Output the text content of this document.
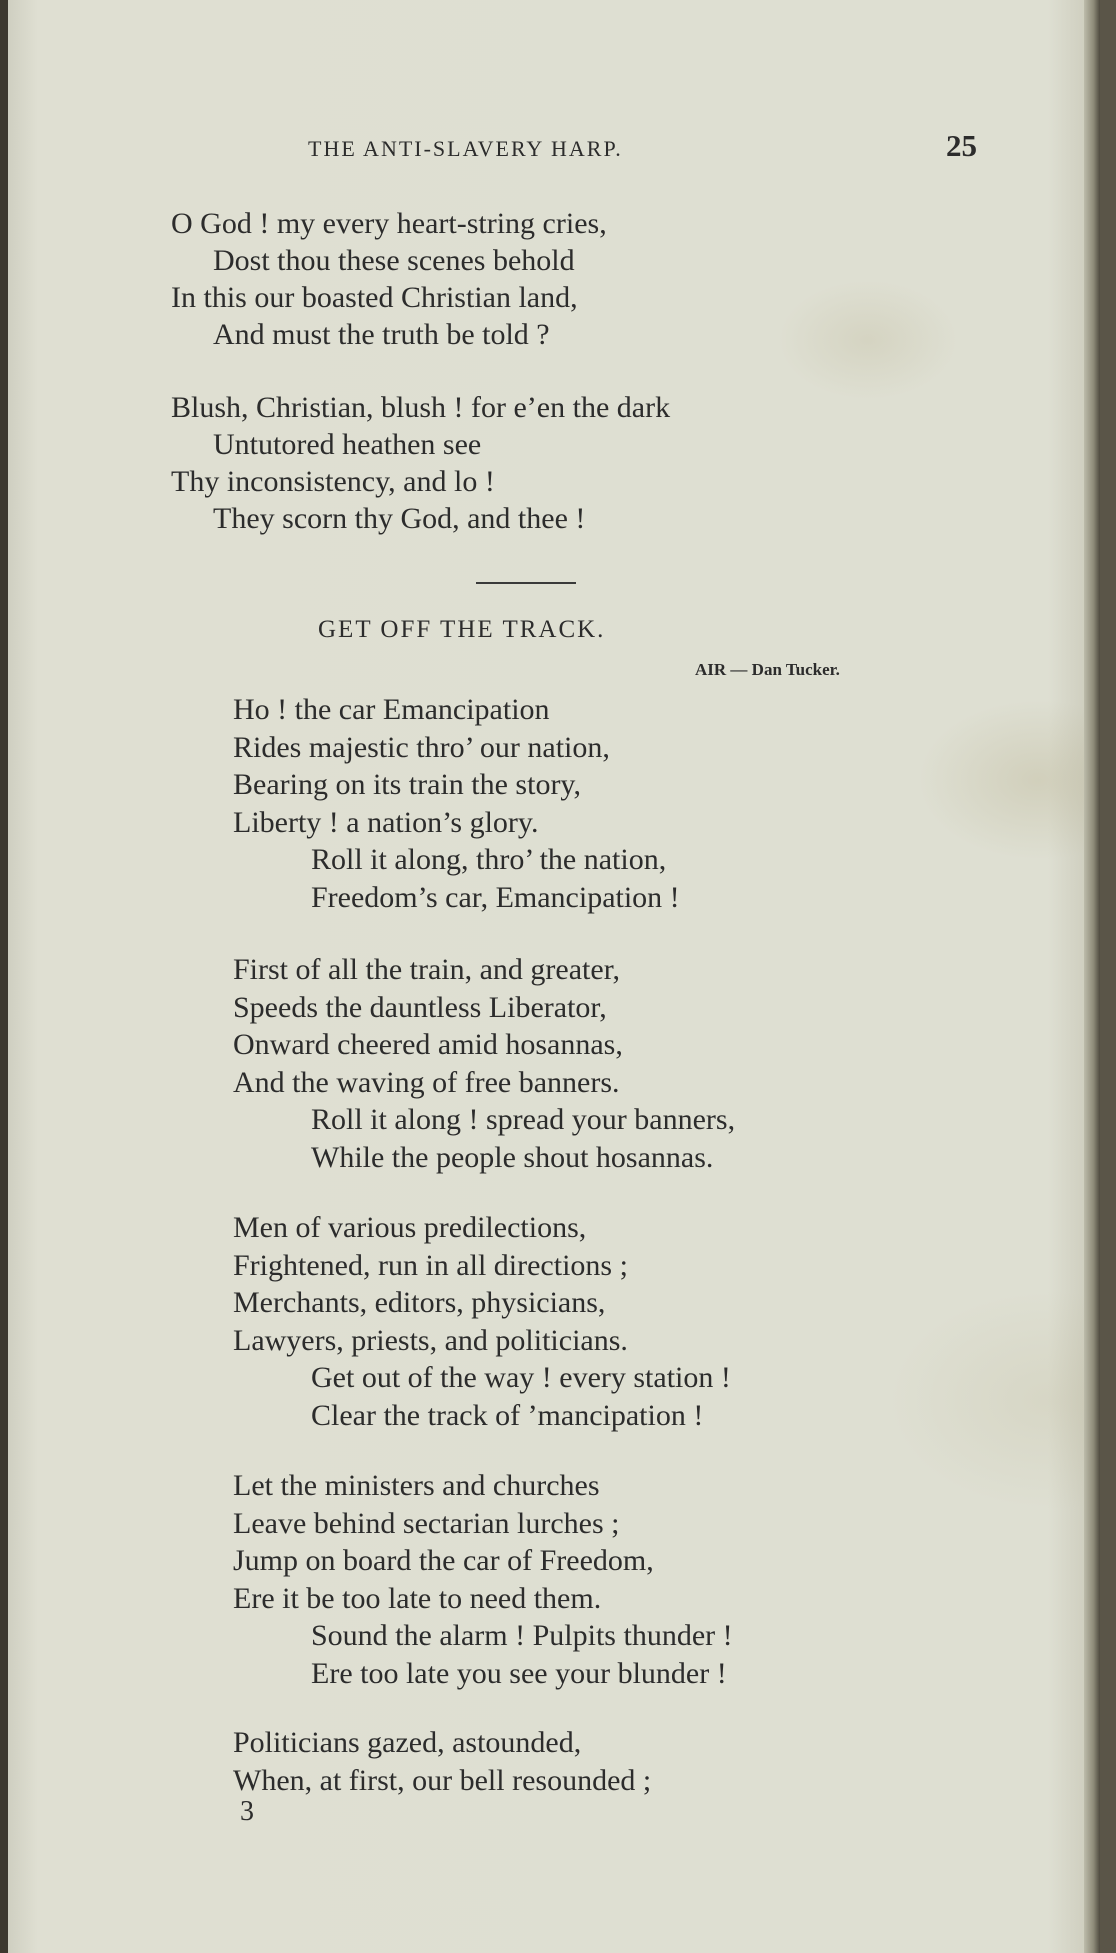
THE ANTI-SLAVERY HARP.	25
O God ! my every heart-string cries,
Dost thou these scenes behold
In this our boasted Christian land,
And must the truth be told ?
Blush, Christian, blush ! for e’en the dark
Untutored heathen see
Thy inconsistency, and lo !
They scorn thy God, and thee !
GET OFF THE TRACK.
AIR — Dan Tucker.
Ho ! the car Emancipation
Rides majestic thro’ our nation,
Bearing on its train the story,
Liberty ! a nation’s glory.
Roll it along, thro’ the nation,
Freedom’s car, Emancipation !
First of all the train, and greater,
Speeds the dauntless Liberator,
Onward cheered amid hosannas,
And the waving of free banners.
Roll it along ! spread your banners,
While the people shout hosannas.
Men of various predilections,
Frightened, run in all directions ;
Merchants, editors, physicians,
Lawyers, priests, and politicians.
Get out of the way ! every station !
Clear the track of ’mancipation !
Let the ministers and churches
Leave behind sectarian lurches ;
Jump on board the car of Freedom,
Ere it be too late to need them.
Sound the alarm ! Pulpits thunder !
Ere too late you see your blunder !
Politicians gazed, astounded,
When, at first, our bell resounded ;
3
